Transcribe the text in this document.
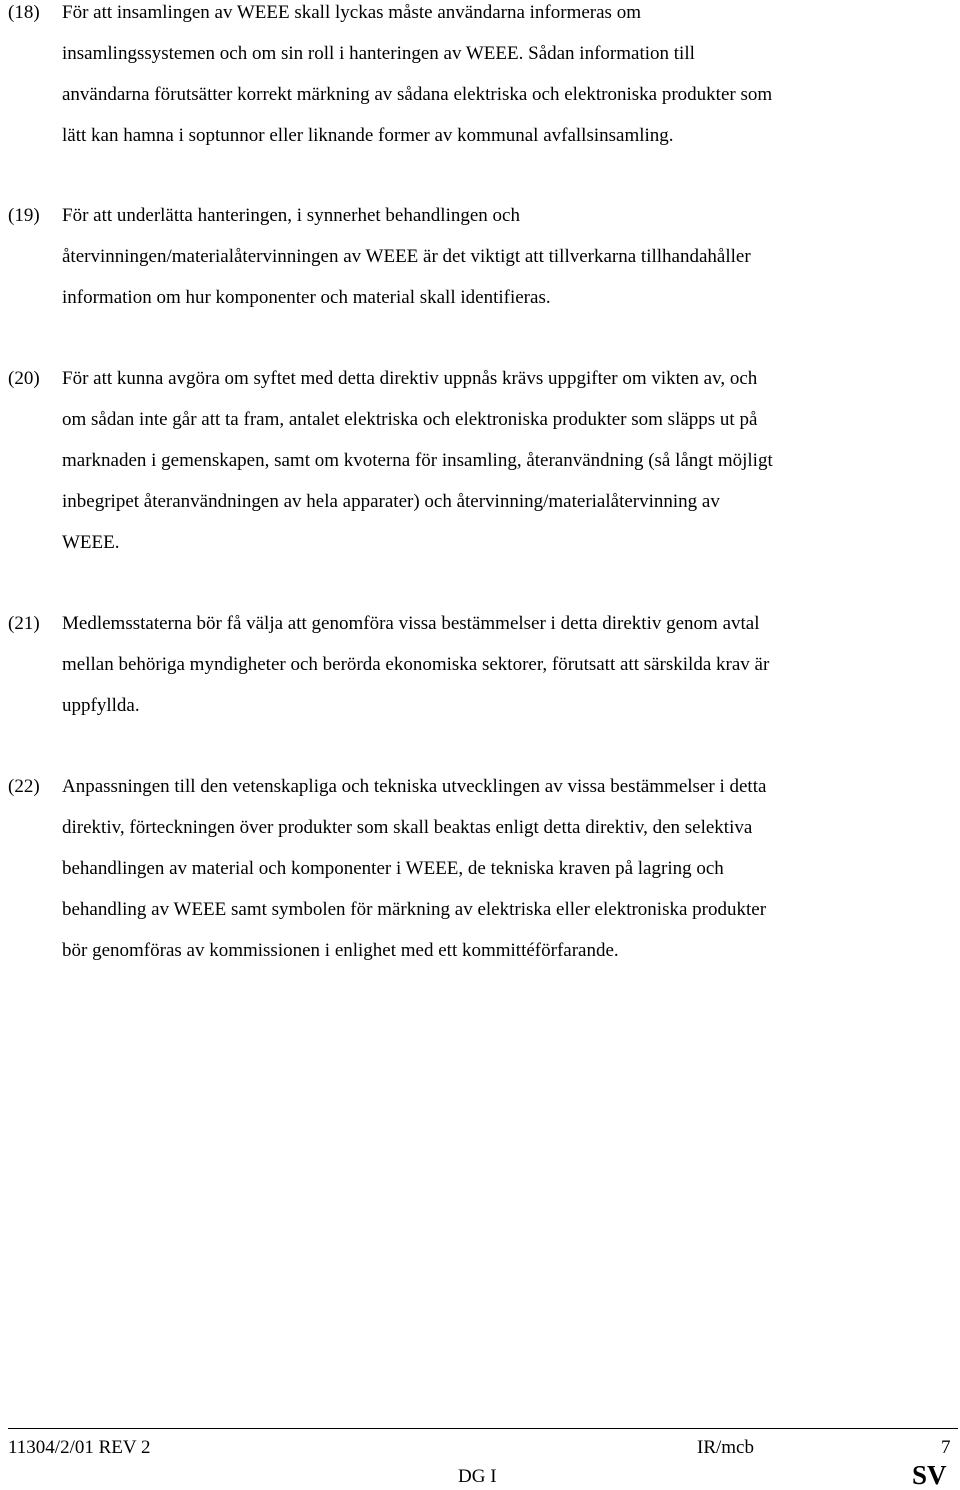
(18) För att insamlingen av WEEE skall lyckas måste användarna informeras om
insamlingssystemen och om sin roll i hanteringen av WEEE. Sådan information till
användarna förutsätter korrekt märkning av sådana elektriska och elektroniska produkter som
lätt kan hamna i soptunnor eller liknande former av kommunal avfallsinsamling.
(19) För att underlätta hanteringen, i synnerhet behandlingen och
återvinningen/materialåtervinningen av WEEE är det viktigt att tillverkarna tillhandahåller
information om hur komponenter och material skall identifieras.
(20) För att kunna avgöra om syftet med detta direktiv uppnås krävs uppgifter om vikten av, och
om sådan inte går att ta fram, antalet elektriska och elektroniska produkter som släpps ut på
marknaden i gemenskapen, samt om kvoterna för insamling, återanvändning (så långt möjligt
inbegripet återanvändningen av hela apparater) och återvinning/materialåtervinning av
WEEE.
(21) Medlemsstaterna bör få välja att genomföra vissa bestämmelser i detta direktiv genom avtal
mellan behöriga myndigheter och berörda ekonomiska sektorer, förutsatt att särskilda krav är
uppfyllda.
(22) Anpassningen till den vetenskapliga och tekniska utvecklingen av vissa bestämmelser i detta
direktiv, förteckningen över produkter som skall beaktas enligt detta direktiv, den selektiva
behandlingen av material och komponenter i WEEE, de tekniska kraven på lagring och
behandling av WEEE samt symbolen för märkning av elektriska eller elektroniska produkter
bör genomföras av kommissionen i enlighet med ett kommittéförfarande.
11304/2/01 REV 2	IR/mcb	7
DG I	SV
